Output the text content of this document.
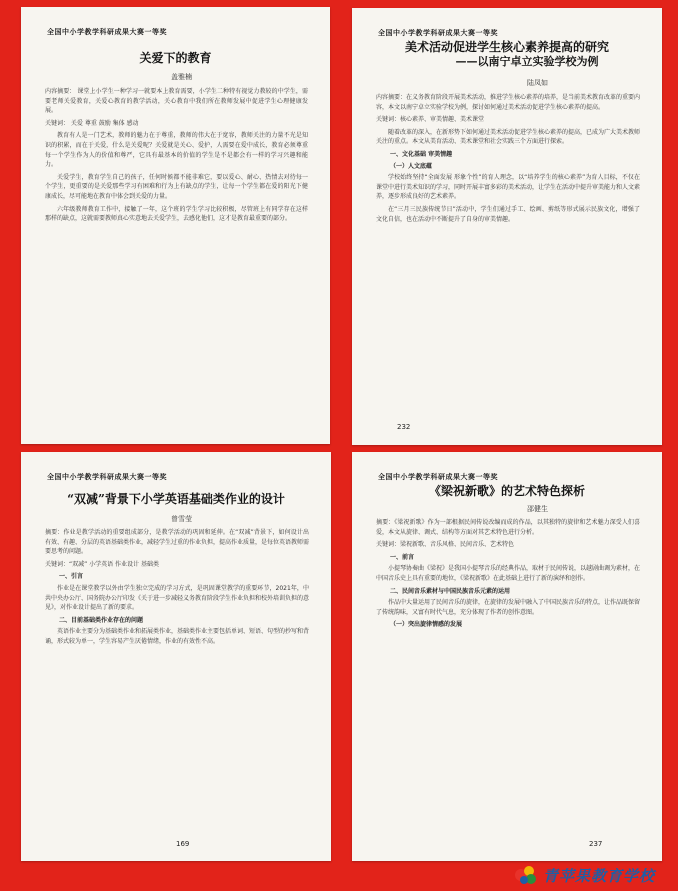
全国中小学教学科研成果大赛一等奖
关爱下的教育
盖雅楠

内容摘要： 课堂上小学生一种学习一就要本上教育需要，小学生二种特有视觉力教较的中学生，需要老师关爱教育，关爱心教育的教学活动，关心教育中我们所在教师发展中促进学生心理健康发展。

关键词： 关爱 尊重 鼓励 集体 感动

教育有人是一门艺术，教师的魅力在于尊重，教师的伟大在于宽容，教师关注的力量不光是知识的积累，而在于关爱，什么是关爱呢？关爱就是关心、爱护，人需要在爱中成长，教育必须尊重每一个学生作为人的价值和尊严，它具有最基本的价值的学生是不是都会有一样的学习兴趣和能力。

关爱学生，教育学生自己的孩子，任何时候都不能非难它，要以爱心、耐心、热情去对待每一个学生，更重要的是关爱那些学习有困难和行为上有缺点的学生，让每一个学生都在爱的阳光下健康成长，尽可能地在教育中体会到关爱的力量。

六年级教师教育工作中，接触了一年，这个班的学生学习比较积极，尽管班上有同学存在这样那样的缺点，这就需要教师真心实意地去关爱学生，去感化他们，这才是教育最重要的部分。

全国中小学教学科研成果大赛一等奖
美术活动促进学生核心素养提高的研究
——以南宁卓立实验学校为例
陆凤如

内容摘要：在义务教育阶段开展美术活动，推进学生核心素养的培养，是当前美术教育改革的重要内容，本文以南宁卓立实验学校为例，探讨如何通过美术活动促进学生核心素养的提高。

关键词：核心素养、审美情趣、美术课堂

随着改革的深入，在新形势下如何通过美术活动促进学生核心素养的提高，已成为广大美术教师关注的重点。本文从美育活动、美术课堂和社会实践三个方面进行探索。

一、文化基础 审美情趣

（一）人文底蕴

学校始终坚持“全面发展 形象个性”的育人理念，以“培养学生的核心素养”为育人目标，不仅在课堂中进行美术知识的学习，同时开展丰富多彩的美术活动，让学生在活动中提升审美能力和人文素养，逐步形成良好的艺术素养。

在“三月三民族传统节日”活动中，学生们通过手工、绘画、剪纸等形式展示民族文化，增强了文化自信，也在活动中不断提升了自身的审美情趣。

232
全国中小学教学科研成果大赛一等奖
“双减”背景下小学英语基础类作业的设计
曾雪莹

摘要：作业是教学活动的重要组成部分，是教学活动的巩固和延伸。在“双减”背景下，如何设计出有效、有趣、分层的英语基础类作业，减轻学生过重的作业负担，提高作业质量，是每位英语教师需要思考的问题。

关键词：“双减” 小学英语 作业设计 基础类

一、引言

作业是在课堂教学以外由学生独立完成的学习方式，是巩固课堂教学的重要环节，2021年，中共中央办公厅、国务院办公厅印发《关于进一步减轻义务教育阶段学生作业负担和校外培训负担的意见》，对作业设计提出了新的要求。

二、目前基础类作业存在的问题

英语作业主要分为基础类作业和拓展类作业，基础类作业主要包括单词、短语、句型的抄写和背诵，形式较为单一，学生容易产生厌倦情绪，作业的有效性不高。

169
全国中小学教学科研成果大赛一等奖
《梁祝新歌》的艺术特色探析
邵健生

摘要：《梁祝新歌》作为一部根据民间传说改编而成的作品，以其独特的旋律和艺术魅力深受人们喜爱，本文从旋律、调式、结构等方面对其艺术特色进行分析。

关键词：梁祝新歌、音乐风格、民间音乐、艺术特色

一、前言

小提琴协奏曲《梁祝》是我国小提琴音乐的经典作品，取材于民间传说，以越剧曲调为素材，在中国音乐史上具有重要的地位，《梁祝新歌》在此基础上进行了新的演绎和创作。

二、民间音乐素材与中国民族音乐元素的运用

作品中大量运用了民间音乐的旋律，在旋律的发展中融入了中国民族音乐的特点，让作品既保留了传统韵味，又富有时代气息，充分体现了作者的创作意图。

（一）突出旋律情感的发展

237
青苹果教育学校
